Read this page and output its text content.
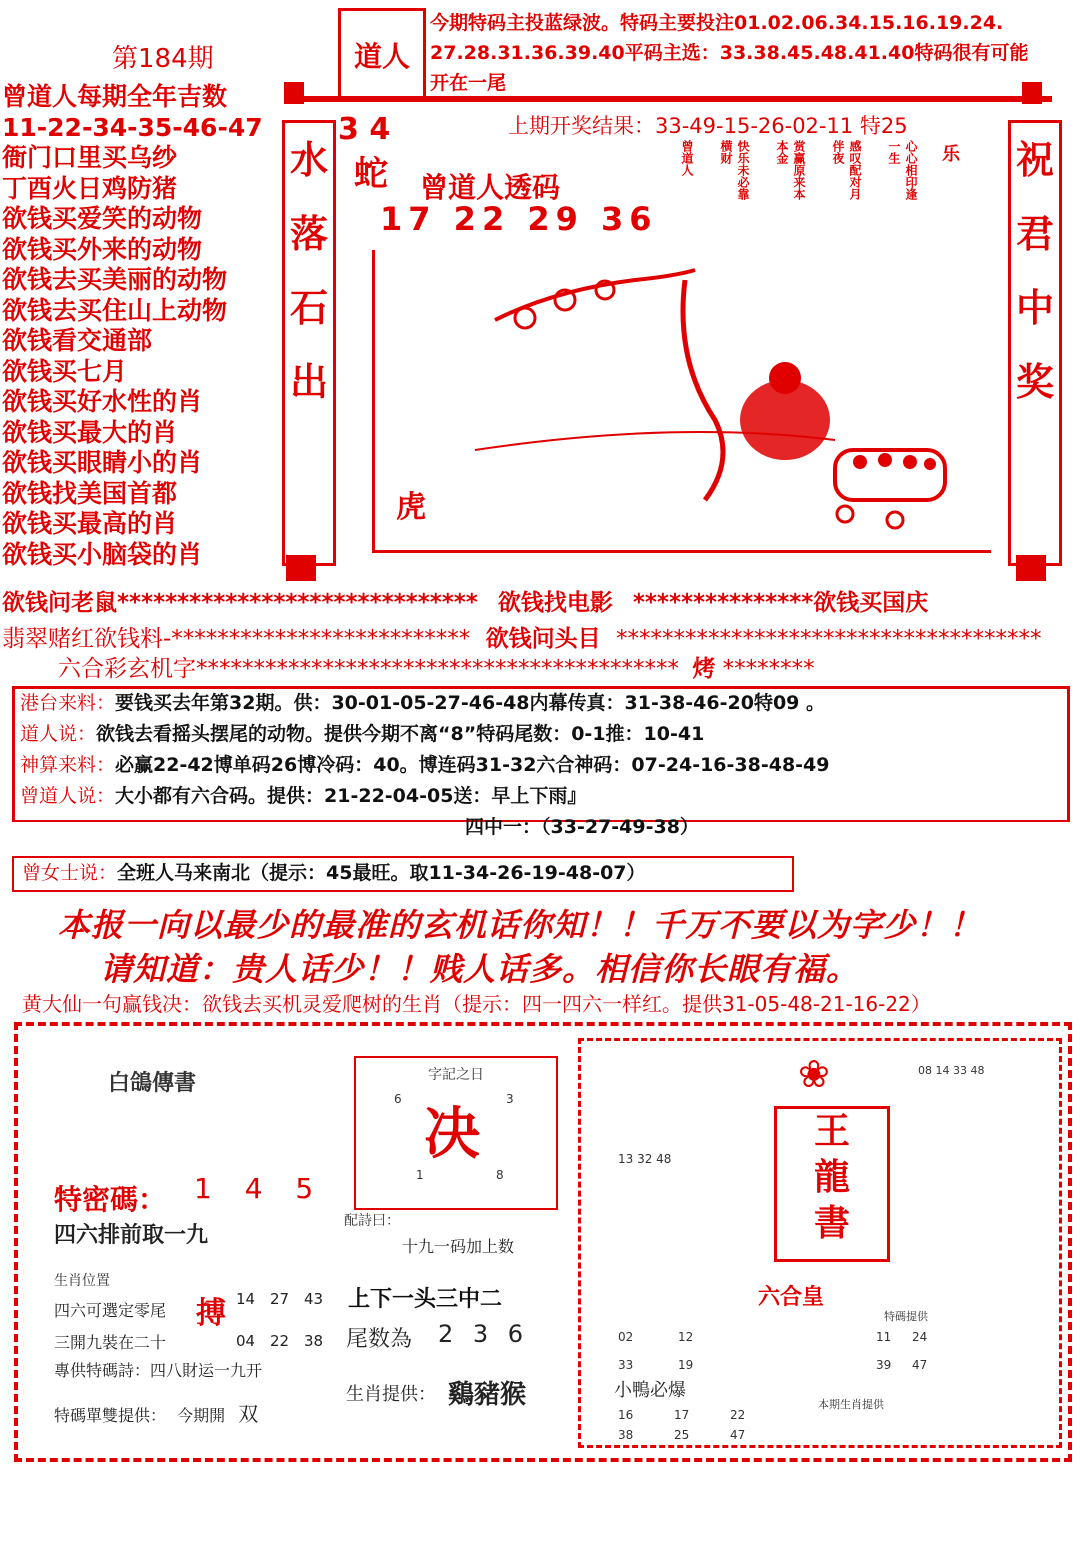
第184期
曾道人每期全年吉数
11-22-34-35-46-47
衙门口里买乌纱
丁酉火日鸡防猪
欲钱买爱笑的动物
欲钱买外来的动物
欲钱去买美丽的动物
欲钱去买住山上动物
欲钱看交通部
欲钱买七月
欲钱买好水性的肖
欲钱买最大的肖
欲钱买眼睛小的肖
欲钱找美国首都
欲钱买最高的肖
欲钱买小脑袋的肖
道人
今期特码主投蓝绿波。特码主要投注01.02.06.34.15.16.19.24.
27.28.31.36.39.40平码主选：33.38.45.48.41.40特码很有可能
开在一尾
水
落
石
出
祝
君
中
奖
上期开奖结果：33-49-15-26-02-11 特25
3 4
蛇 曾道人透码
17 22 29 36
乐
心心相印逢一生
感叹配对月伴夜
赏赢原来本本金
快乐未必靠横财
曾道人
虎
欲钱问老鼠****************************** 欲钱找电影 ***************欲钱买国庆
翡翠赌红欲钱料-************************** 欲钱问头目 *************************************
六合彩玄机字****************************************** 烤 ********
港台来料：要钱买去年第32期。供：30-01-05-27-46-48内幕传真：31-38-46-20特09 。
道人说：欲钱去看摇头摆尾的动物。提供今期不离“8”特码尾数：0-1推：10-41
神算来料：必赢22-42博单码26博冷码：40。博连码31-32六合神码：07-24-16-38-48-49
曾道人说：大小都有六合码。提供：21-22-04-05送：早上下雨』
四中一：（33-27-49-38）
曾女士说：全班人马来南北（提示：45最旺。取11-34-26-19-48-07）
本报一向以最少的最准的玄机话你知！！千万不要以为字少！！
请知道：贵人话少！！贱人话多。相信你长眼有福。
黄大仙一句赢钱决：欲钱去买机灵爱爬树的生肖（提示：四一四六一样红。提供31-05-48-21-16-22）
白鴿傳書
特密碼： 1 4 5
四六排前取一九
生肖位置
四六可選定零尾
三開九裝在二十
專供特碼詩：四八財运一九开
特碼單雙提供： 今期開 双
搏 14 27 43
04 22 38
字記之日
决
6	3
1	8
配詩曰：
十九一码加上数
上下一头三中二
尾数為 2 3 6
生肖提供： 鷄豬猴
王
龍
書
❀	08 14 33 48
13 32 48
六合皇
特碼提供
02	12
33	19
11	24
39	47
小鴨必爆
16	17	22
38	25	47
本期生肖提供
